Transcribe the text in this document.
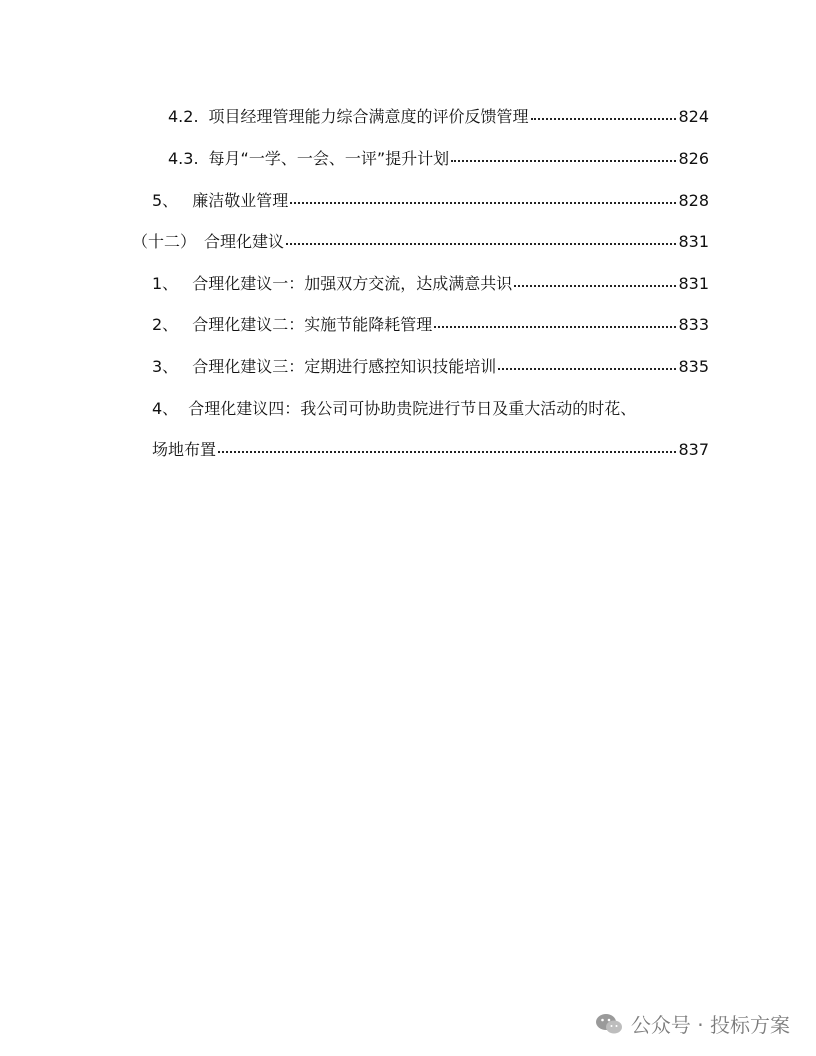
4.2. 项目经理管理能力综合满意度的评价反馈管理	824
4.3. 每月“一学、一会、一评”提升计划	826
5、 廉洁敬业管理	828
（十二） 合理化建议	831
1、 合理化建议一：加强双方交流，达成满意共识	831
2、 合理化建议二：实施节能降耗管理	833
3、 合理化建议三：定期进行感控知识技能培训	835
4、 合理化建议四：我公司可协助贵院进行节日及重大活动的时花、
场地布置	837
公众号 · 投标方案
